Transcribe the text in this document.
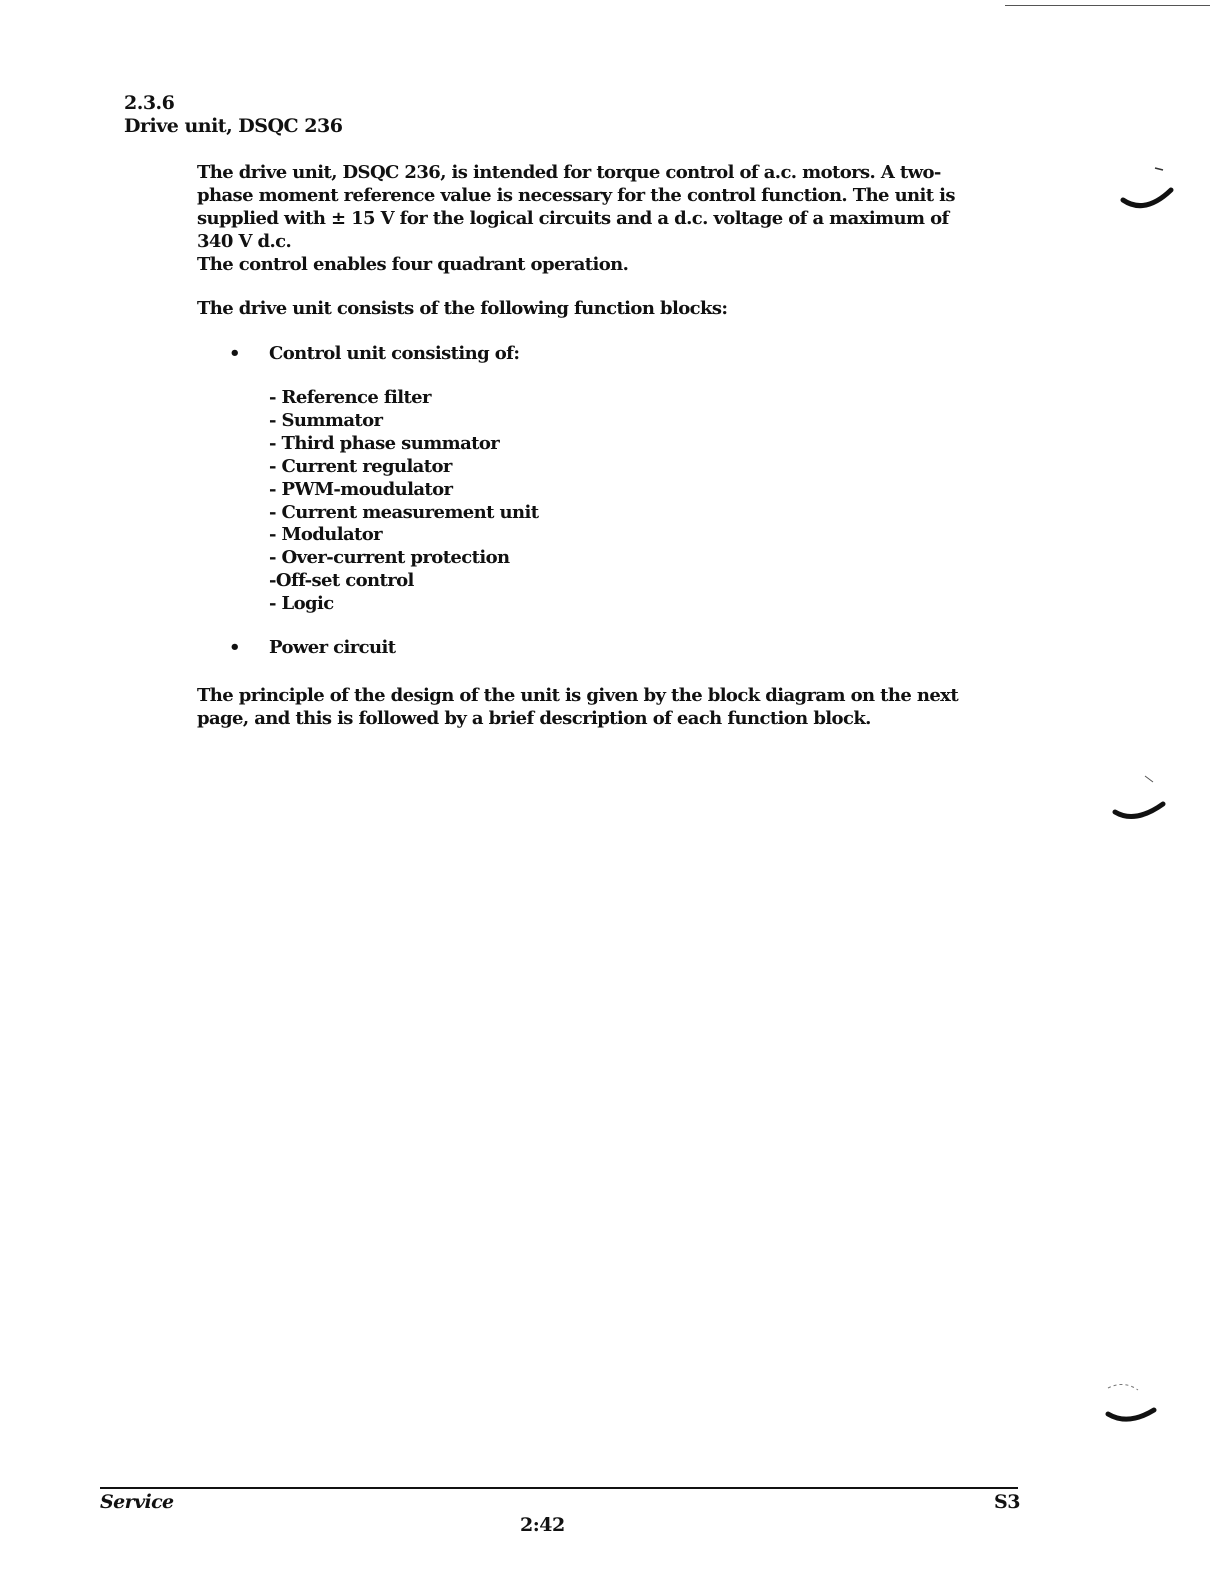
2.3.6
Drive unit, DSQC 236
The drive unit, DSQC 236, is intended for torque control of a.c. motors. A two-phase moment reference value is necessary for the control function. The unit is supplied with ± 15 V for the logical circuits and a d.c. voltage of a maximum of 340 V d.c.
The control enables four quadrant operation.
The drive unit consists of the following function blocks:
• Control unit consisting of:
- Reference filter
- Summator
- Third phase summator
- Current regulator
- PWM-moudulator
- Current measurement unit
- Modulator
- Over-current protection
-Off-set control
- Logic
• Power circuit
The principle of the design of the unit is given by the block diagram on the next page, and this is followed by a brief description of each function block.
Service	S3
2:42
